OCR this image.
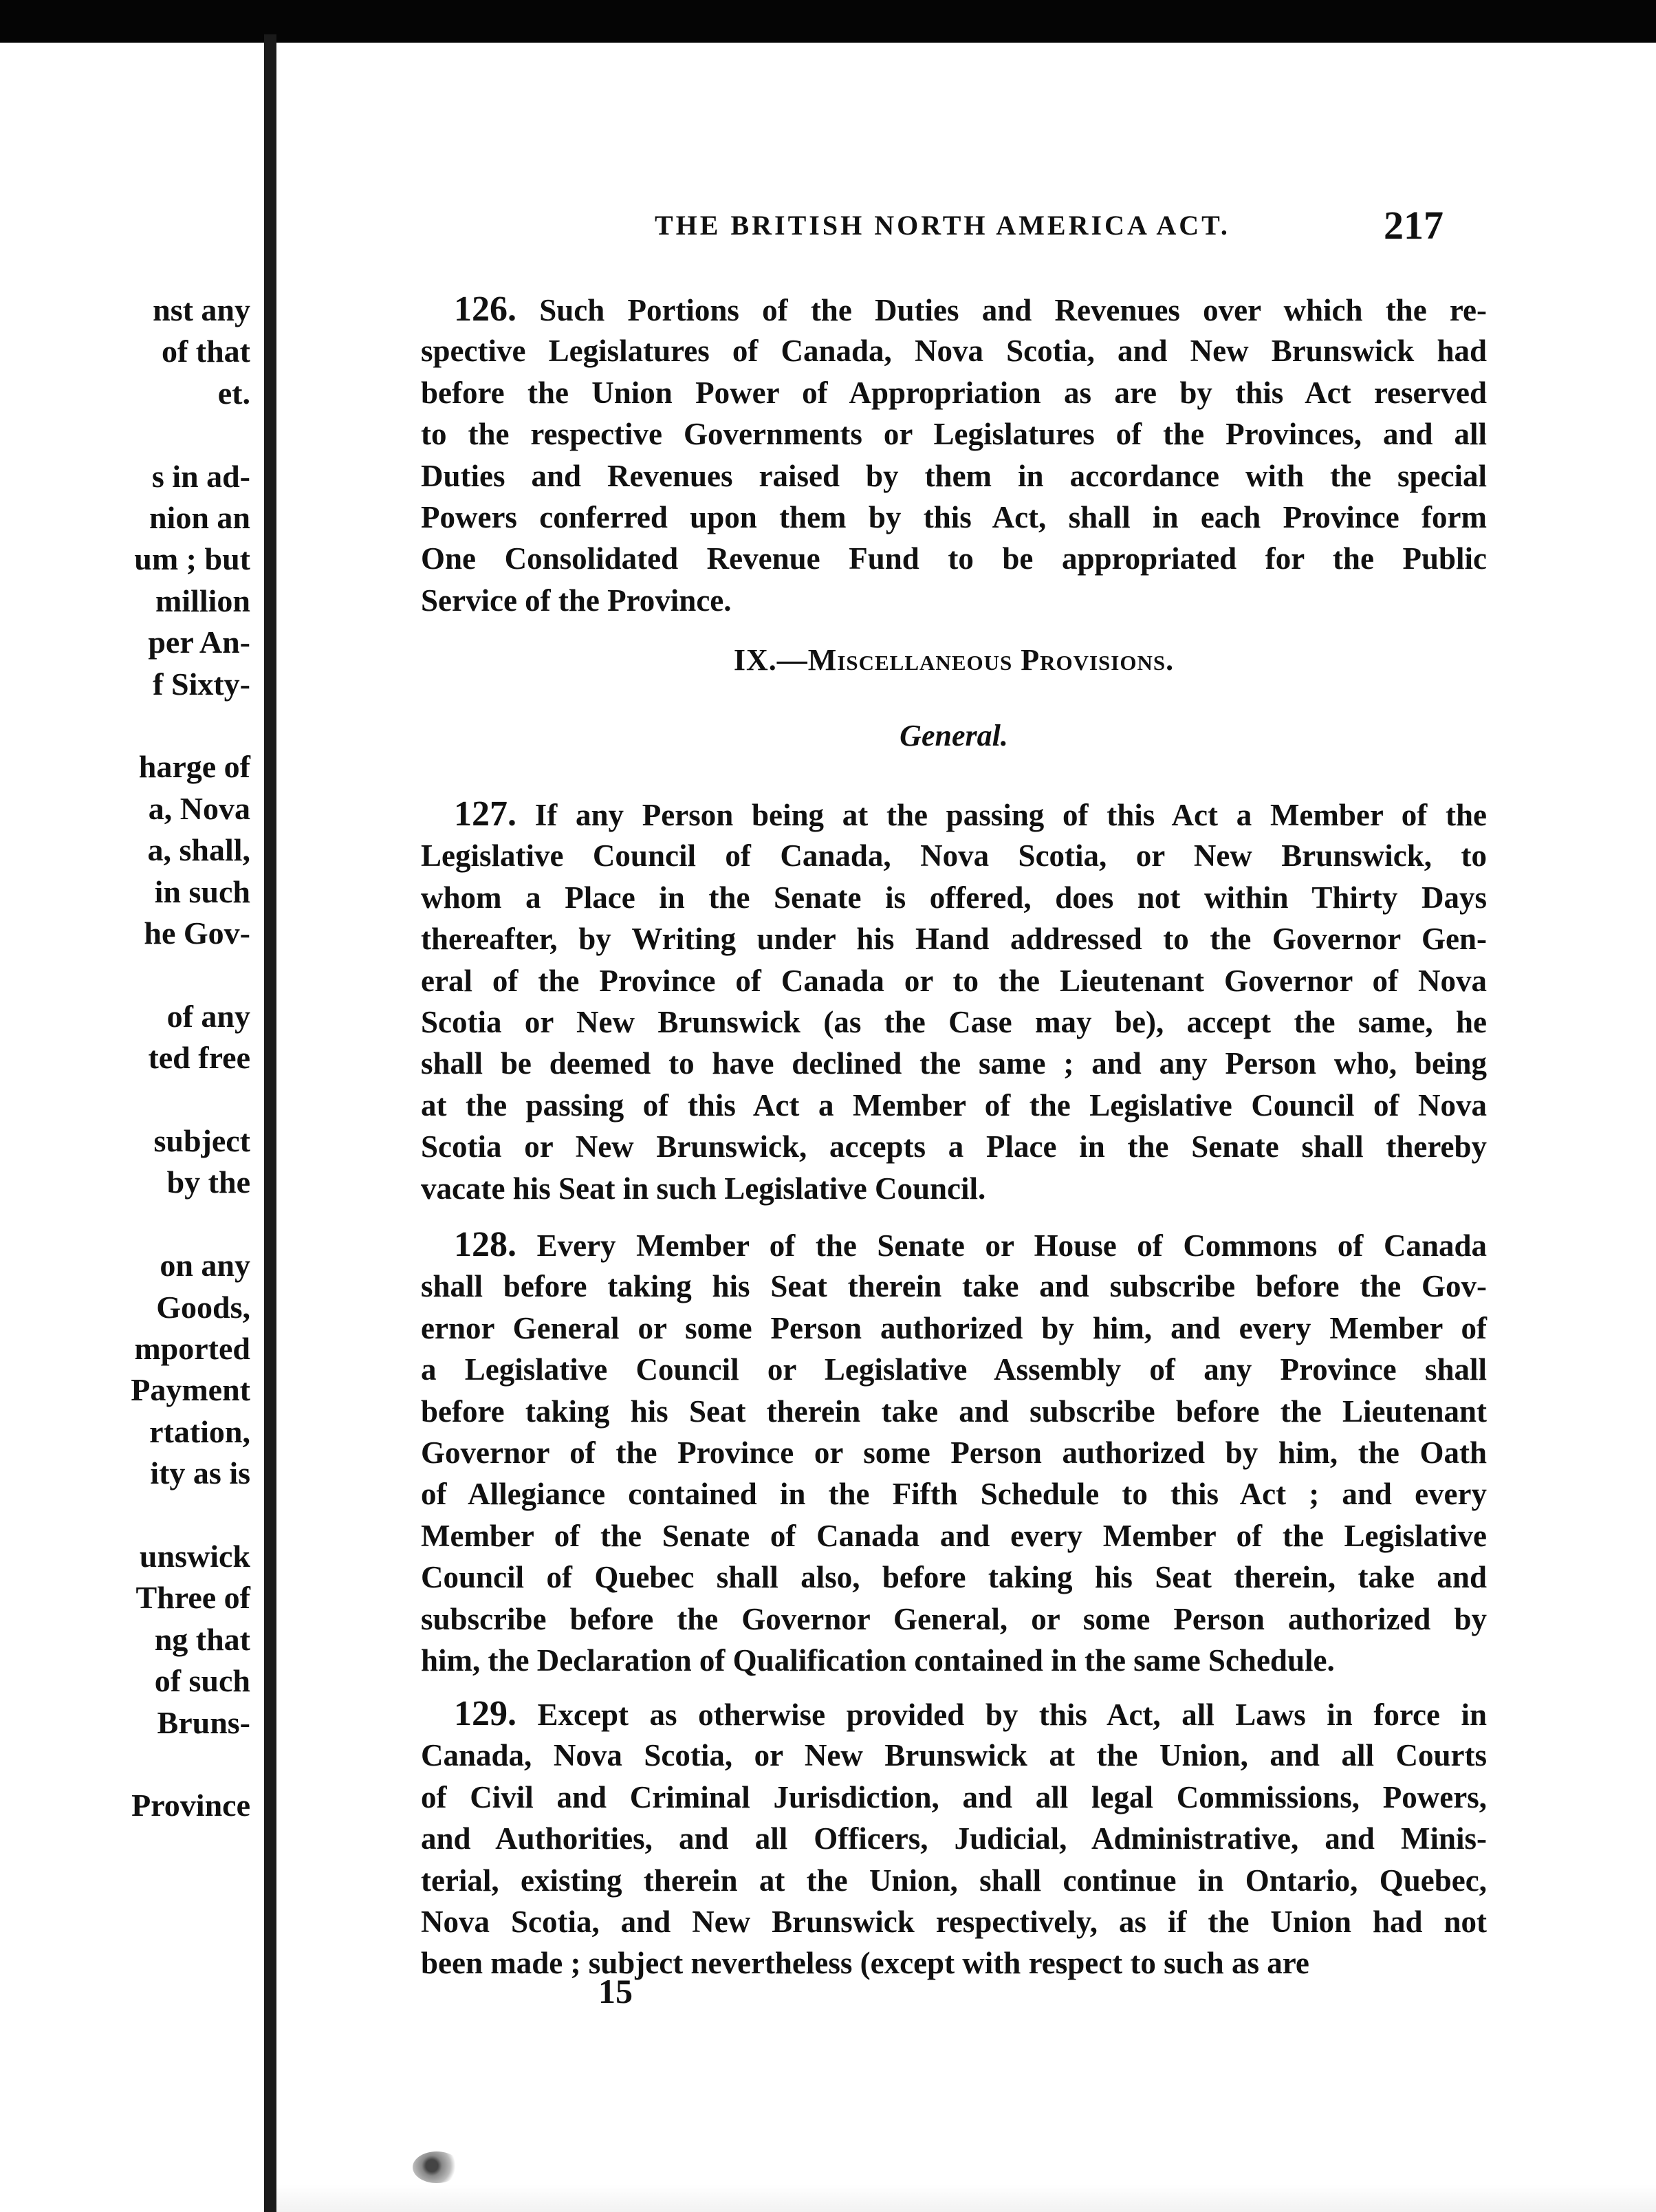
nst any
of that
et.
s in ad-
nion an
um ; but
million
per An-
f Sixty-
harge of
a, Nova
a, shall,
in such
he Gov-
of any
ted free
subject
by the
on any
Goods,
mported
Payment
rtation,
ity as is
unswick
Three of
ng that
of such
Bruns-
Province
THE BRITISH NORTH AMERICA ACT.	217
126. Such Portions of the Duties and Revenues over which the re-
spective Legislatures of Canada, Nova Scotia, and New Brunswick had
before the Union Power of Appropriation as are by this Act reserved
to the respective Governments or Legislatures of the Provinces, and all
Duties and Revenues raised by them in accordance with the special
Powers conferred upon them by this Act, shall in each Province form
One Consolidated Revenue Fund to be appropriated for the Public
Service of the Province.
IX.—Miscellaneous Provisions.
General.
127. If any Person being at the passing of this Act a Member of the
Legislative Council of Canada, Nova Scotia, or New Brunswick, to
whom a Place in the Senate is offered, does not within Thirty Days
thereafter, by Writing under his Hand addressed to the Governor Gen-
eral of the Province of Canada or to the Lieutenant Governor of Nova
Scotia or New Brunswick (as the Case may be), accept the same, he
shall be deemed to have declined the same ; and any Person who, being
at the passing of this Act a Member of the Legislative Council of Nova
Scotia or New Brunswick, accepts a Place in the Senate shall thereby
vacate his Seat in such Legislative Council.
128. Every Member of the Senate or House of Commons of Canada
shall before taking his Seat therein take and subscribe before the Gov-
ernor General or some Person authorized by him, and every Member of
a Legislative Council or Legislative Assembly of any Province shall
before taking his Seat therein take and subscribe before the Lieutenant
Governor of the Province or some Person authorized by him, the Oath
of Allegiance contained in the Fifth Schedule to this Act ; and every
Member of the Senate of Canada and every Member of the Legislative
Council of Quebec shall also, before taking his Seat therein, take and
subscribe before the Governor General, or some Person authorized by
him, the Declaration of Qualification contained in the same Schedule.
129. Except as otherwise provided by this Act, all Laws in force in
Canada, Nova Scotia, or New Brunswick at the Union, and all Courts
of Civil and Criminal Jurisdiction, and all legal Commissions, Powers,
and Authorities, and all Officers, Judicial, Administrative, and Minis-
terial, existing therein at the Union, shall continue in Ontario, Quebec,
Nova Scotia, and New Brunswick respectively, as if the Union had not
been made ; subject nevertheless (except with respect to such as are
15
